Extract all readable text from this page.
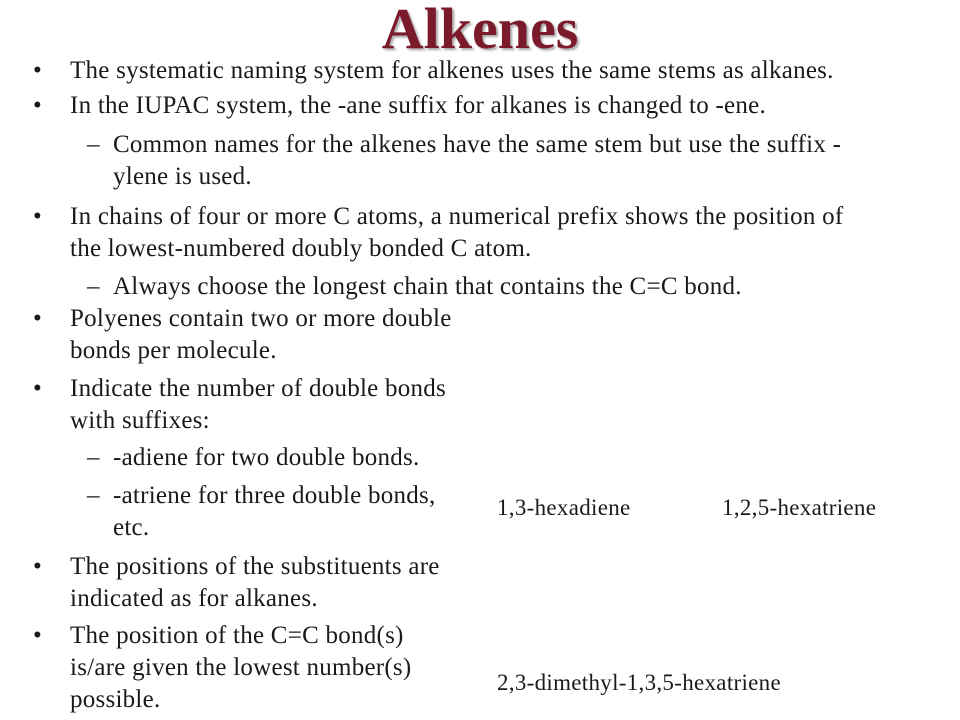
Alkenes
• The systematic naming system for alkenes uses the same stems as alkanes.
• In the IUPAC system, the -ane suffix for alkanes is changed to -ene.
– Common names for the alkenes have the same stem but use the suffix -
ylene is used.
• In chains of four or more C atoms, a numerical prefix shows the position of
the lowest-numbered doubly bonded C atom.
– Always choose the longest chain that contains the C=C bond.
• Polyenes contain two or more double
bonds per molecule.
• Indicate the number of double bonds
with suffixes:
– -adiene for two double bonds.
– -atriene for three double bonds,
etc.
• The positions of the substituents are
indicated as for alkanes.
• The position of the C=C bond(s)
is/are given the lowest number(s)
possible.
1,3-hexadiene	1,2,5-hexatriene
2,3-dimethyl-1,3,5-hexatriene
